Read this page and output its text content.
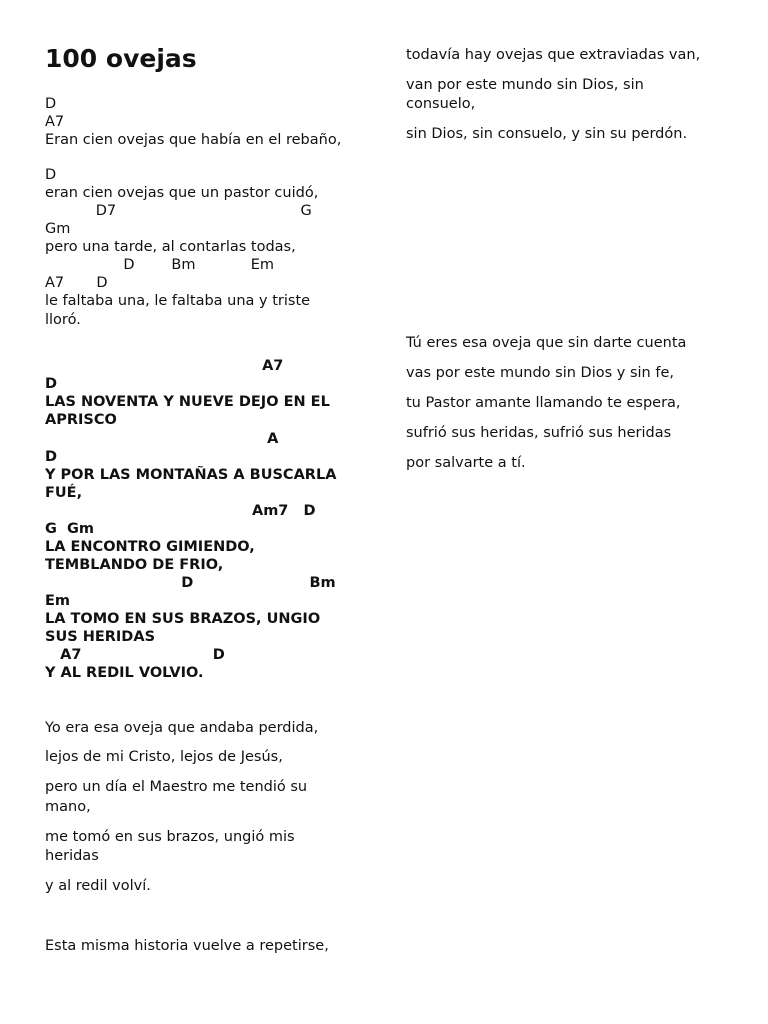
100 ovejas

D

A7

Eran cien ovejas que había en el rebaño,

D

eran cien ovejas que un pastor cuidó,

D7                                        G

Gm

pero una tarde, al contarlas todas,

D        Bm            Em

A7       D

le faltaba una, le faltaba una y triste

lloró.

A7

D

LAS NOVENTA Y NUEVE DEJO EN EL

APRISCO

A

D

Y POR LAS MONTAÑAS A BUSCARLA

FUÉ,

Am7   D

G  Gm

LA ENCONTRO GIMIENDO,

TEMBLANDO DE FRIO,

D                       Bm

Em

LA TOMO EN SUS BRAZOS, UNGIO

SUS HERIDAS

A7                          D

Y AL REDIL VOLVIO.

Yo era esa oveja que andaba perdida,

lejos de mi Cristo, lejos de Jesús,

pero un día el Maestro me tendió su

mano,

me tomó en sus brazos, ungió mis

heridas

y al redil volví.

Esta misma historia vuelve a repetirse,

todavía hay ovejas que extraviadas van,

van por este mundo sin Dios, sin

consuelo,

sin Dios, sin consuelo, y sin su perdón.

Tú eres esa oveja que sin darte cuenta

vas por este mundo sin Dios y sin fe,

tu Pastor amante llamando te espera,

sufrió sus heridas, sufrió sus heridas

por salvarte a tí.
